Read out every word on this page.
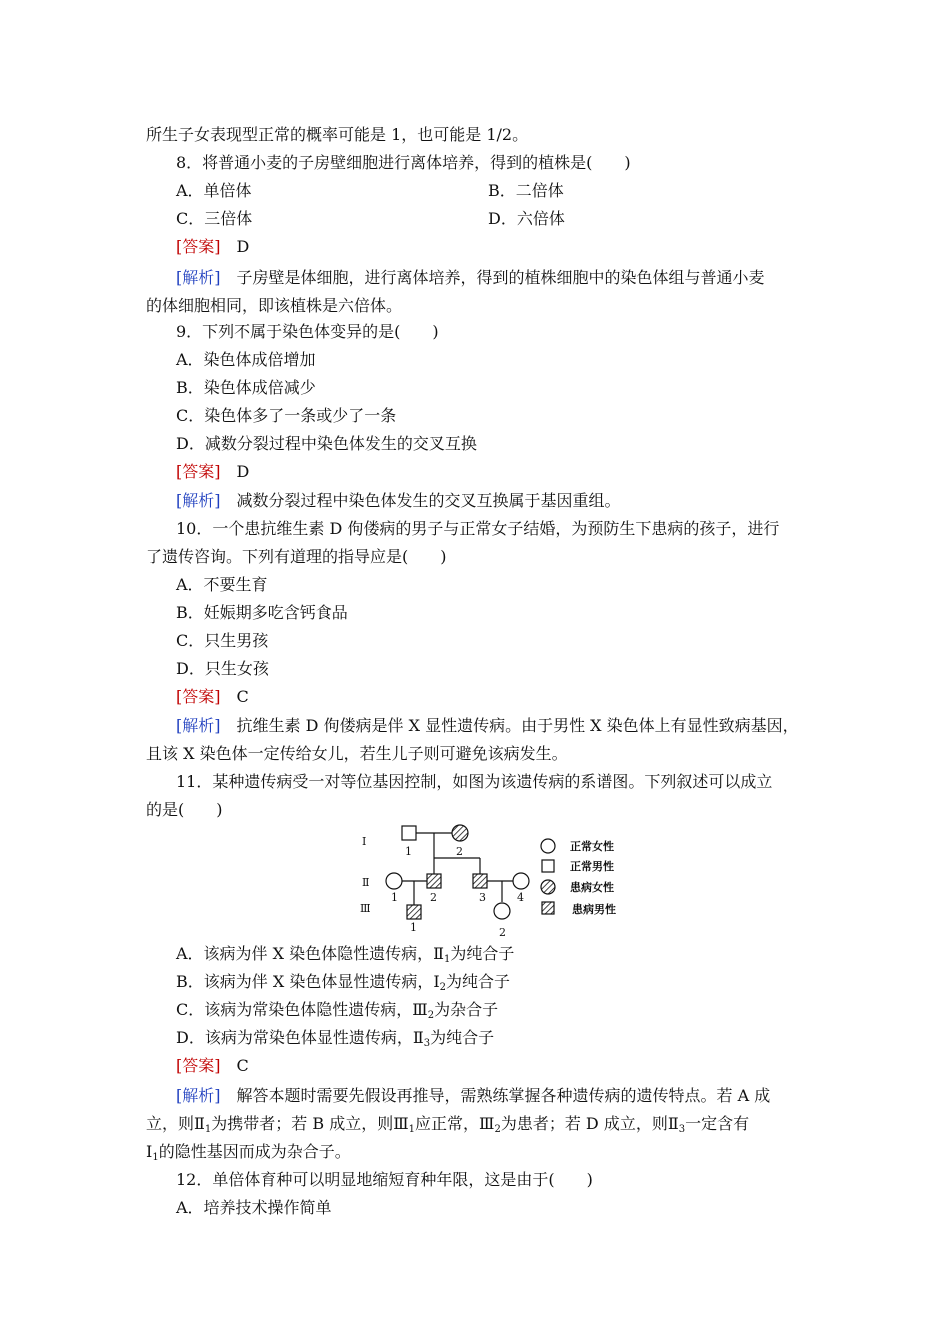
所生子女表现型正常的概率可能是 1，也可能是 1/2。
8．将普通小麦的子房壁细胞进行离体培养，得到的植株是(　　)
A．单倍体	B．二倍体
C．三倍体	D．六倍体
[答案]　 D
[解析]　 子房壁是体细胞，进行离体培养，得到的植株细胞中的染色体组与普通小麦
的体细胞相同，即该植株是六倍体。
9．下列不属于染色体变异的是(　　)
A．染色体成倍增加
B．染色体成倍减少
C．染色体多了一条或少了一条
D．减数分裂过程中染色体发生的交叉互换
[答案]　 D
[解析]　 减数分裂过程中染色体发生的交叉互换属于基因重组。
10．一个患抗维生素 D 佝偻病的男子与正常女子结婚，为预防生下患病的孩子，进行
了遗传咨询。下列有道理的指导应是(　　)
A．不要生育
B．妊娠期多吃含钙食品
C．只生男孩
D．只生女孩
[答案]　 C
[解析]　 抗维生素 D 佝偻病是伴 X 显性遗传病。由于男性 X 染色体上有显性致病基因，
且该 X 染色体一定传给女儿，若生儿子则可避免该病发生。
11．某种遗传病受一对等位基因控制，如图为该遗传病的系谱图。下列叙述可以成立
的是(　　)
Ⅰ
Ⅱ
Ⅲ
1	2
1	2	3	4
1	2
正常女性
正常男性
患病女性
患病男性
A．该病为伴 X 染色体隐性遗传病，$Ⅱ_1$为纯合子
B．该病为伴 X 染色体显性遗传病，$Ⅰ_2$为纯合子
C．该病为常染色体隐性遗传病，$Ⅲ_2$为杂合子
D．该病为常染色体显性遗传病，$Ⅱ_3$为纯合子
[答案]　 C
[解析]　 解答本题时需要先假设再推导，需熟练掌握各种遗传病的遗传特点。若 A 成
立，则$Ⅱ_1$为携带者；若 B 成立，则$Ⅲ_1$应正常，$Ⅲ_2$为患者；若 D 成立，则$Ⅱ_3$一定含有
$Ⅰ_1$的隐性基因而成为杂合子。
12．单倍体育种可以明显地缩短育种年限，这是由于(　　)
A．培养技术操作简单
